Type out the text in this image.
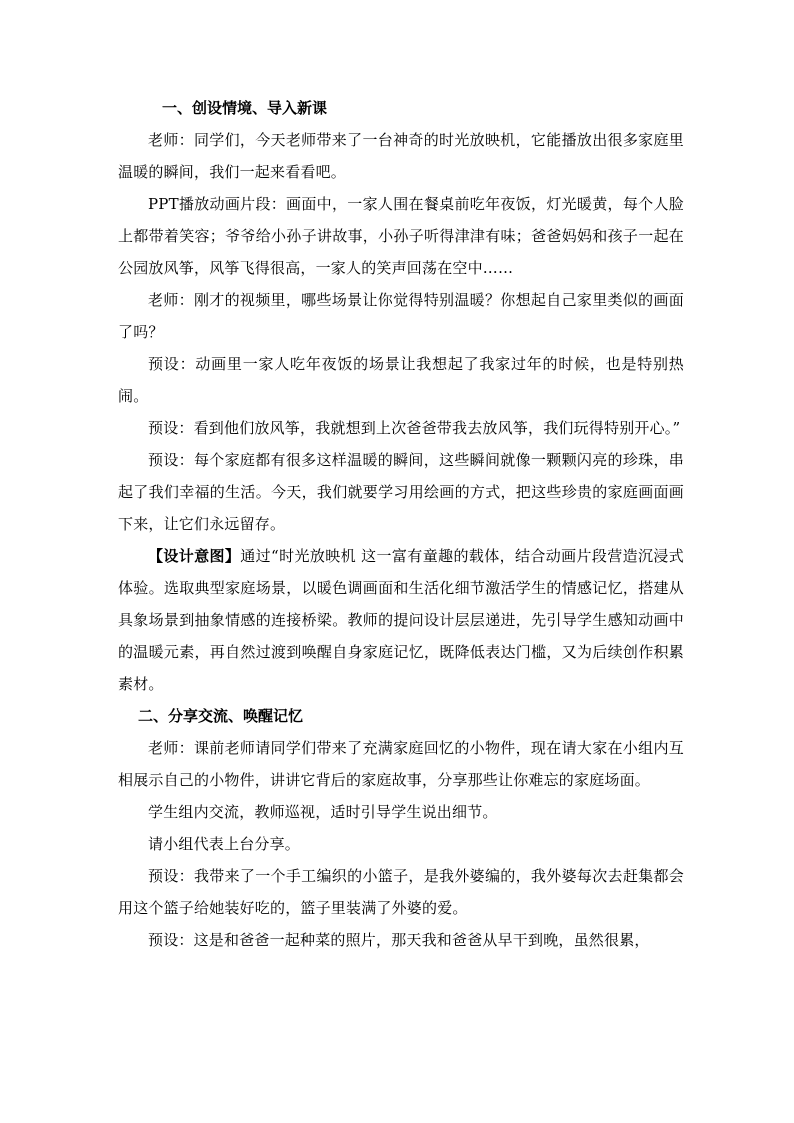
一、创设情境、导入新课

老师：同学们，今天老师带来了一台神奇的时光放映机，它能播放出很多家庭里温暖的瞬间，我们一起来看看吧。

PPT播放动画片段：画面中，一家人围在餐桌前吃年夜饭，灯光暖黄，每个人脸上都带着笑容；爷爷给小孙子讲故事，小孙子听得津津有味；爸爸妈妈和孩子一起在公园放风筝，风筝飞得很高，一家人的笑声回荡在空中……

老师：刚才的视频里，哪些场景让你觉得特别温暖？你想起自己家里类似的画面了吗？

预设：动画里一家人吃年夜饭的场景让我想起了我家过年的时候，也是特别热闹。

预设：看到他们放风筝，我就想到上次爸爸带我去放风筝，我们玩得特别开心。”

预设：每个家庭都有很多这样温暖的瞬间，这些瞬间就像一颗颗闪亮的珍珠，串起了我们幸福的生活。今天，我们就要学习用绘画的方式，把这些珍贵的家庭画面画下来，让它们永远留存。

【设计意图】通过“时光放映机 这一富有童趣的载体，结合动画片段营造沉浸式体验。选取典型家庭场景，以暖色调画面和生活化细节激活学生的情感记忆，搭建从具象场景到抽象情感的连接桥梁。教师的提问设计层层递进，先引导学生感知动画中的温暖元素，再自然过渡到唤醒自身家庭记忆，既降低表达门槛，又为后续创作积累素材。

二、分享交流、唤醒记忆

老师：课前老师请同学们带来了充满家庭回忆的小物件，现在请大家在小组内互相展示自己的小物件，讲讲它背后的家庭故事，分享那些让你难忘的家庭场面。

学生组内交流，教师巡视，适时引导学生说出细节。

请小组代表上台分享。

预设：我带来了一个手工编织的小篮子，是我外婆编的，我外婆每次去赶集都会用这个篮子给她装好吃的，篮子里装满了外婆的爱。

预设：这是和爸爸一起种菜的照片，那天我和爸爸从早干到晚，虽然很累，
